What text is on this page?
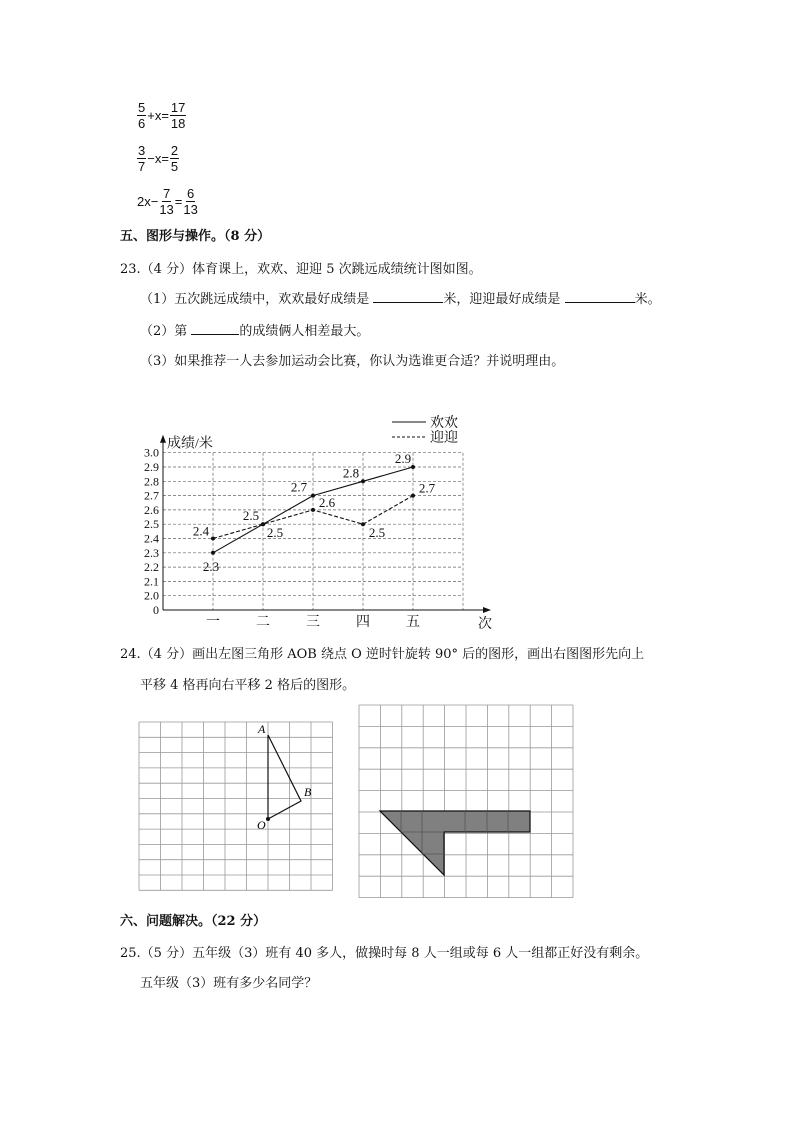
$\frac{5}{6} +x= \frac{17}{18}$
$\frac{3}{7} -x= \frac{2}{5}$
$2x- \frac{7}{13} = \frac{6}{13}$
五、图形与操作。（8 分）
23.（4 分）体育课上，欢欢、迎迎 5 次跳远成绩统计图如图。
（1）五次跳远成绩中，欢欢最好成绩是	米，迎迎最好成绩是	米。
（2）第	的成绩俩人相差最大。
（3）如果推荐一人去参加运动会比赛，你认为选谁更合适？并说明理由。
0
2.0
2.1
2.2
2.3
2.4
2.5
2.6
2.7
2.8
2.9
3.0
成绩/米
次
一	二	三	四	五
2.3
2.5
2.7
2.8
2.9
2.4	2.5
2.6
2.5
2.7
欢欢
迎迎
24.（4 分）画出左图三角形 AOB 绕点 O 逆时针旋转 90° 后的图形，画出右图图形先向上
平移 4 格再向右平移 2 格后的图形。
A
B
O
六、问题解决。（22 分）
25.（5 分）五年级（3）班有 40 多人，做操时每 8 人一组或每 6 人一组都正好没有剩余。
五年级（3）班有多少名同学？
